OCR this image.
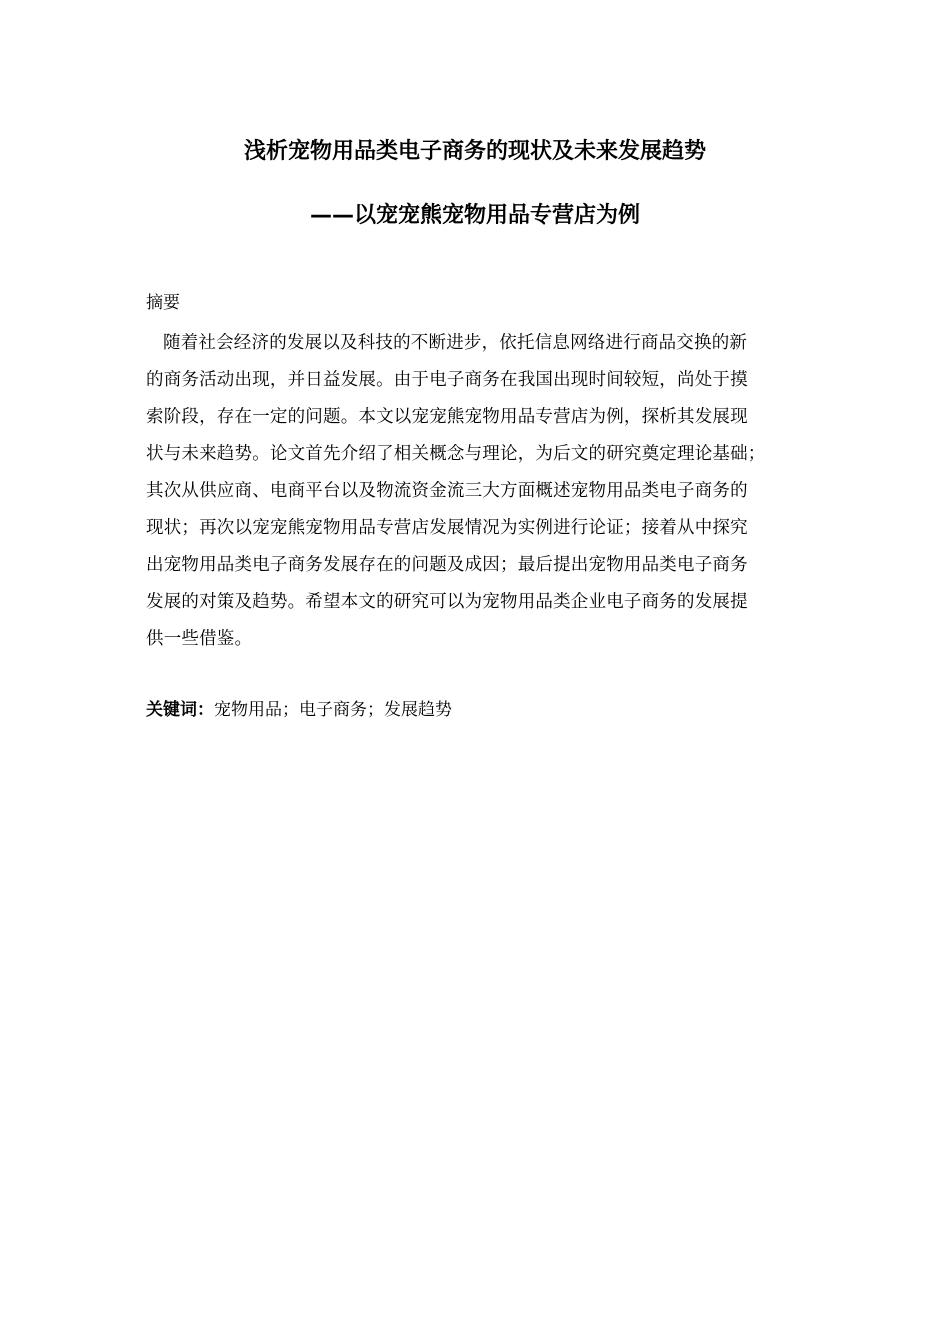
浅析宠物用品类电子商务的现状及未来发展趋势
——以宠宠熊宠物用品专营店为例
摘要
随着社会经济的发展以及科技的不断进步，依托信息网络进行商品交换的新
的商务活动出现，并日益发展。由于电子商务在我国出现时间较短，尚处于摸
索阶段，存在一定的问题。本文以宠宠熊宠物用品专营店为例，探析其发展现
状与未来趋势。论文首先介绍了相关概念与理论，为后文的研究奠定理论基础；
其次从供应商、电商平台以及物流资金流三大方面概述宠物用品类电子商务的
现状；再次以宠宠熊宠物用品专营店发展情况为实例进行论证；接着从中探究
出宠物用品类电子商务发展存在的问题及成因；最后提出宠物用品类电子商务
发展的对策及趋势。希望本文的研究可以为宠物用品类企业电子商务的发展提
供一些借鉴。
关键词：宠物用品；电子商务；发展趋势
